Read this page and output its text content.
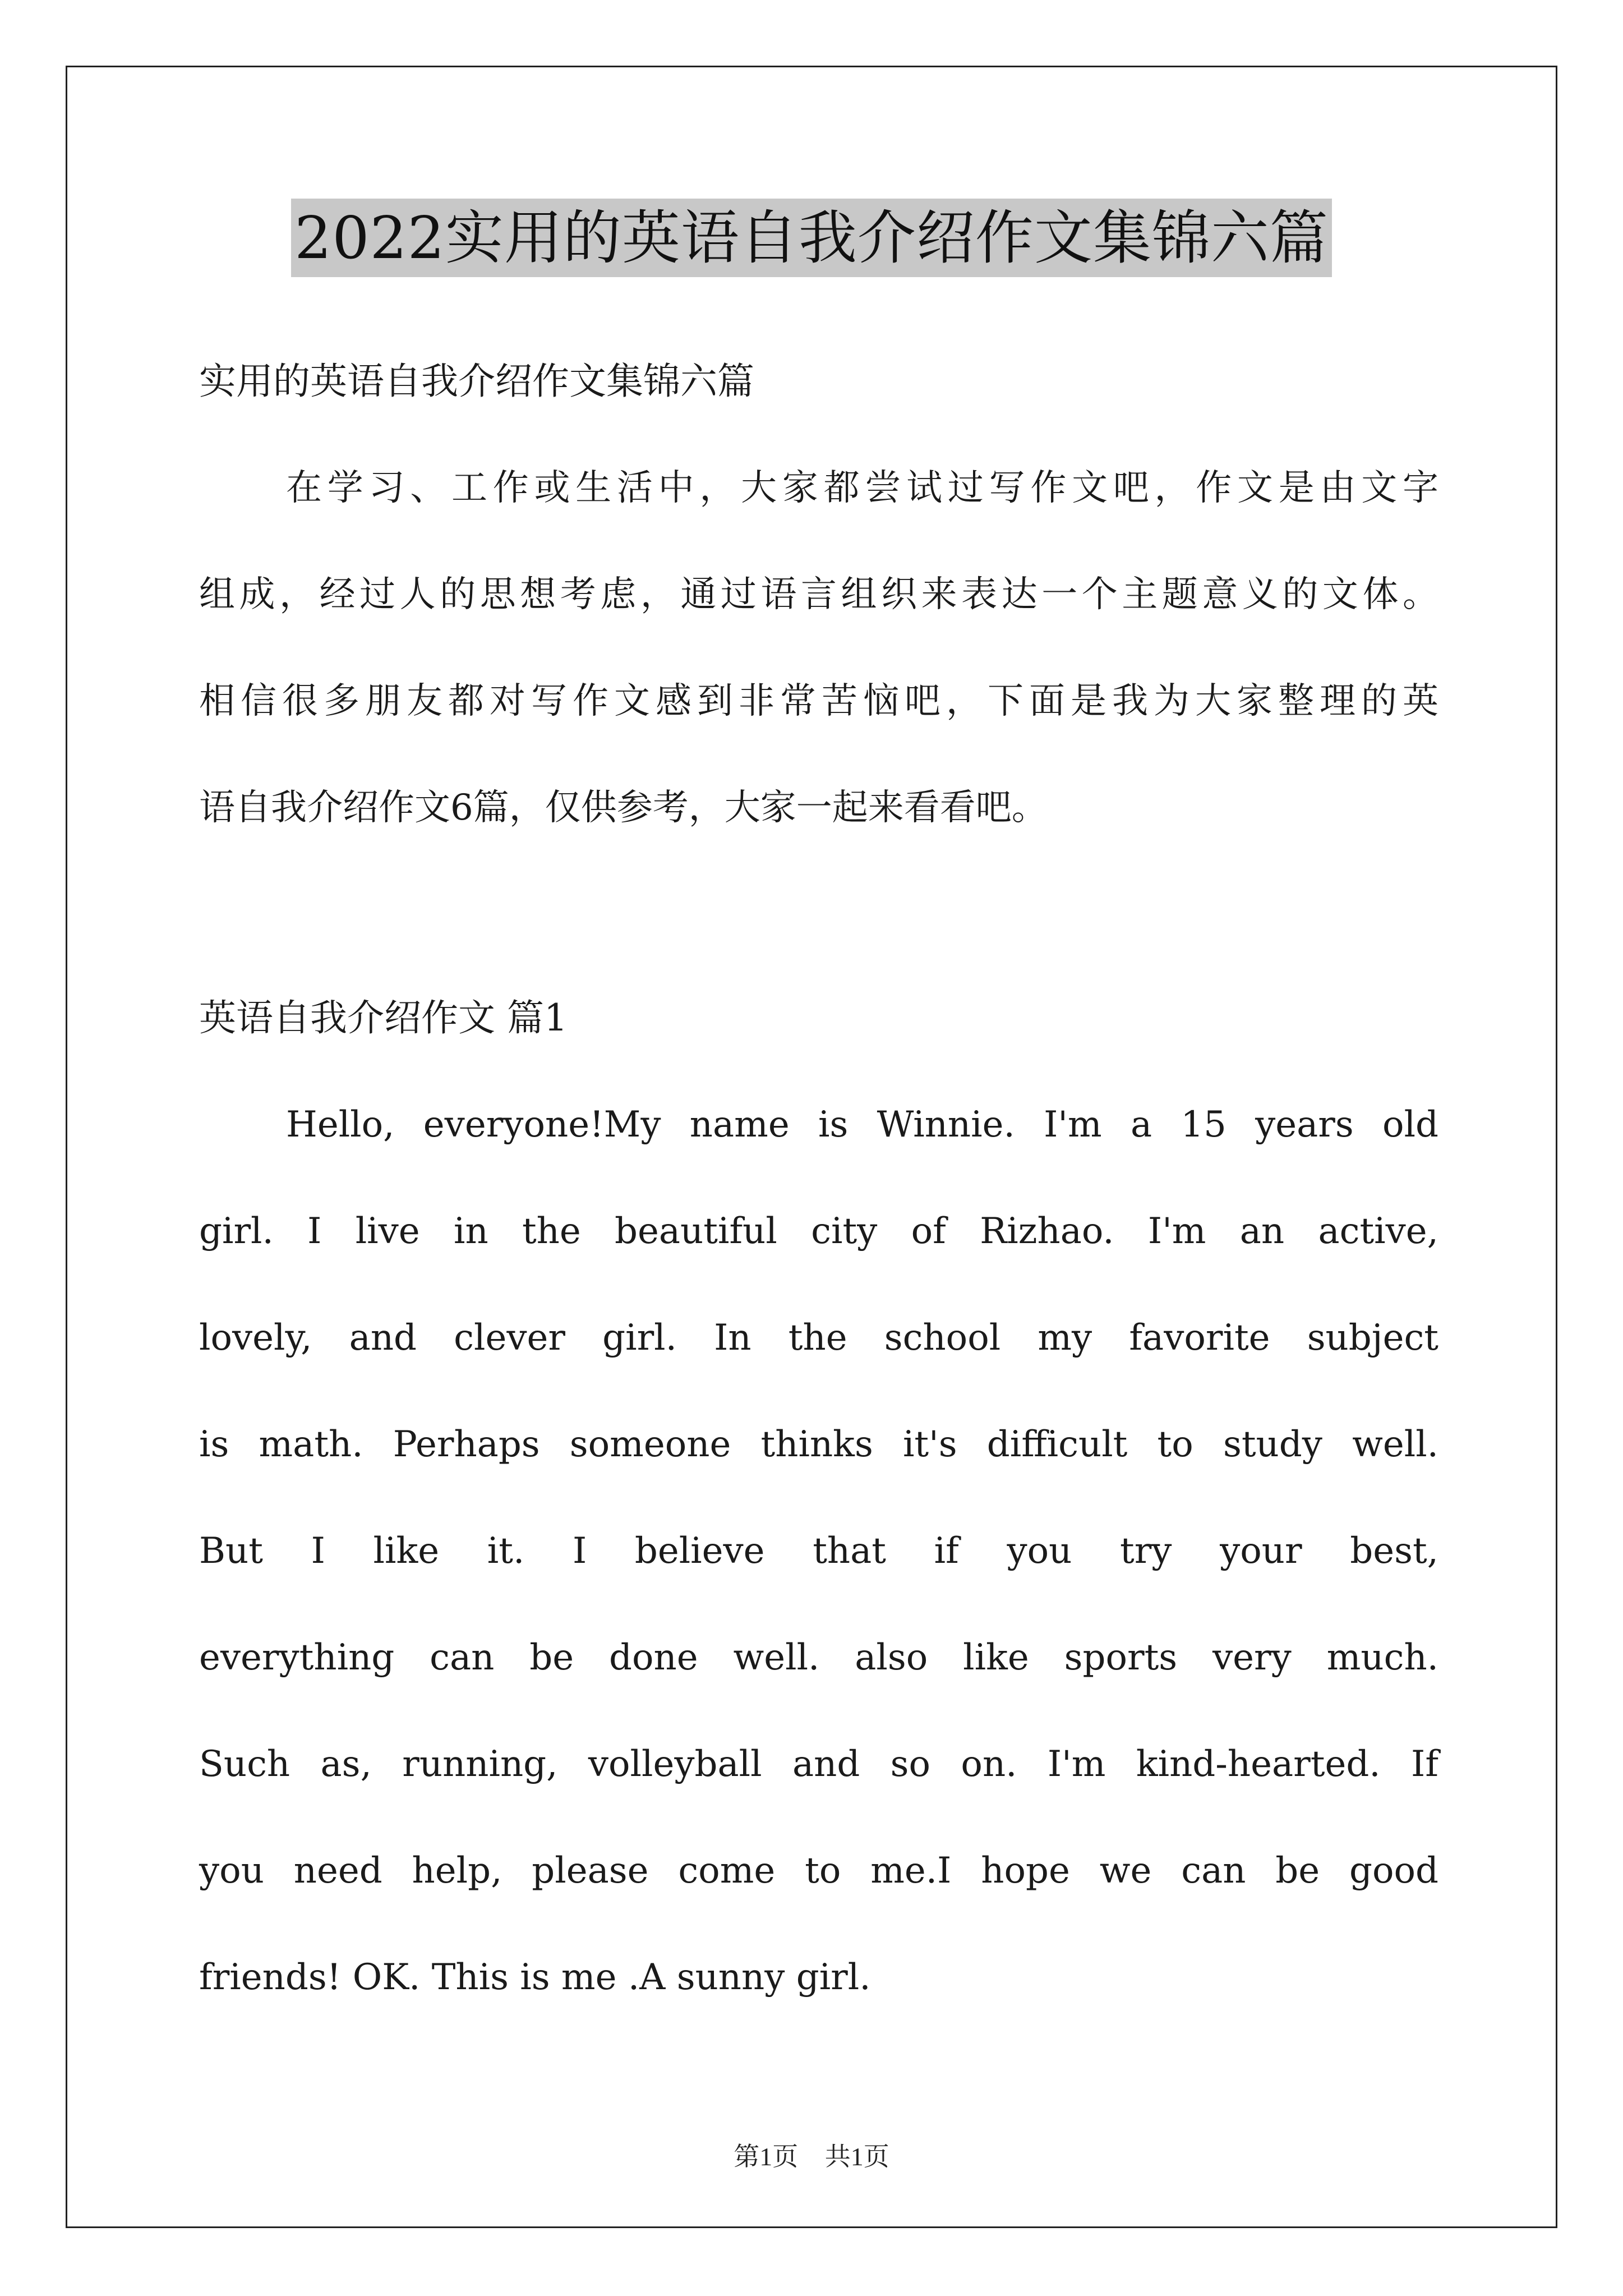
2022实用的英语自我介绍作文集锦六篇
实用的英语自我介绍作文集锦六篇
在学习、工作或生活中，大家都尝试过写作文吧，作文是由文字
组成，经过人的思想考虑，通过语言组织来表达一个主题意义的文体。
相信很多朋友都对写作文感到非常苦恼吧，下面是我为大家整理的英
语自我介绍作文6篇，仅供参考，大家一起来看看吧。
英语自我介绍作文 篇1
Hello, everyone!My name is Winnie. I'm a 15 years old
girl. I live in the beautiful city of Rizhao. I'm an active,
lovely, and clever girl. In the school my favorite subject
is math. Perhaps someone thinks it's difficult to study well.
But I like it. I believe that if you try your best,
everything can be done well. also like sports very much.
Such as, running, volleyball and so on. I'm kind-hearted. If
you need help, please come to me.I hope we can be good
friends! OK. This is me .A sunny girl.
第1页 共1页
